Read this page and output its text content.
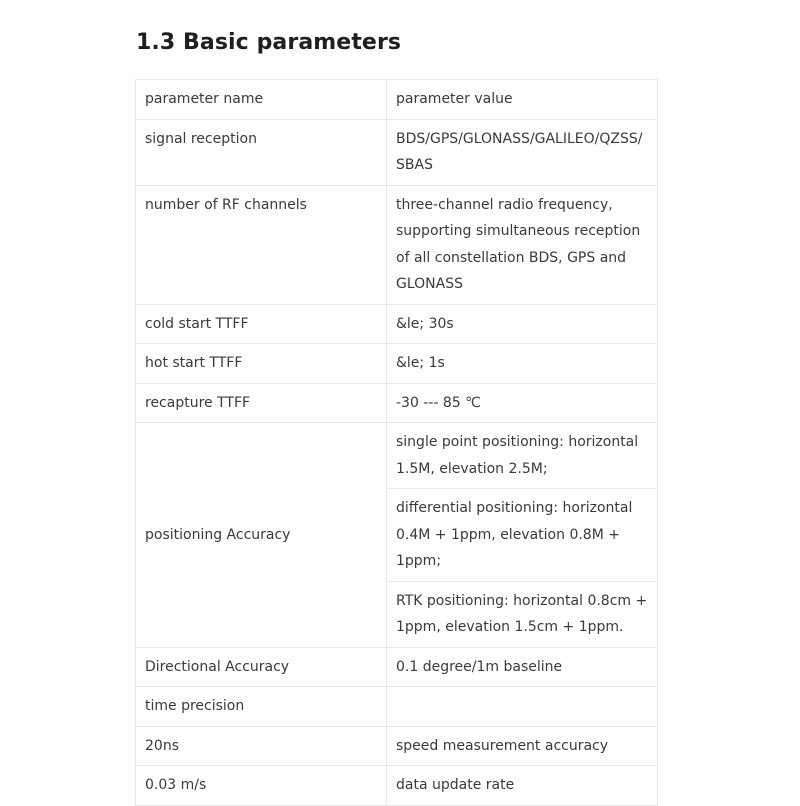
1.3 Basic parameters
parameter name	parameter value
signal reception	BDS/GPS/GLONASS/GALILEO/QZSS/ SBAS
number of RF channels	three-channel radio frequency, supporting simultaneous reception of all constellation BDS, GPS and GLONASS
cold start TTFF	&le; 30s
hot start TTFF	&le; 1s
recapture TTFF	-30 --- 85 ℃
positioning Accuracy	single point positioning: horizontal 1.5M, elevation 2.5M;
	differential positioning: horizontal 0.4M + 1ppm, elevation 0.8M + 1ppm;
	RTK positioning: horizontal 0.8cm + 1ppm, elevation 1.5cm + 1ppm.
Directional Accuracy	0.1 degree/1m baseline
time precision	
20ns	speed measurement accuracy
0.03 m/s	data update rate
